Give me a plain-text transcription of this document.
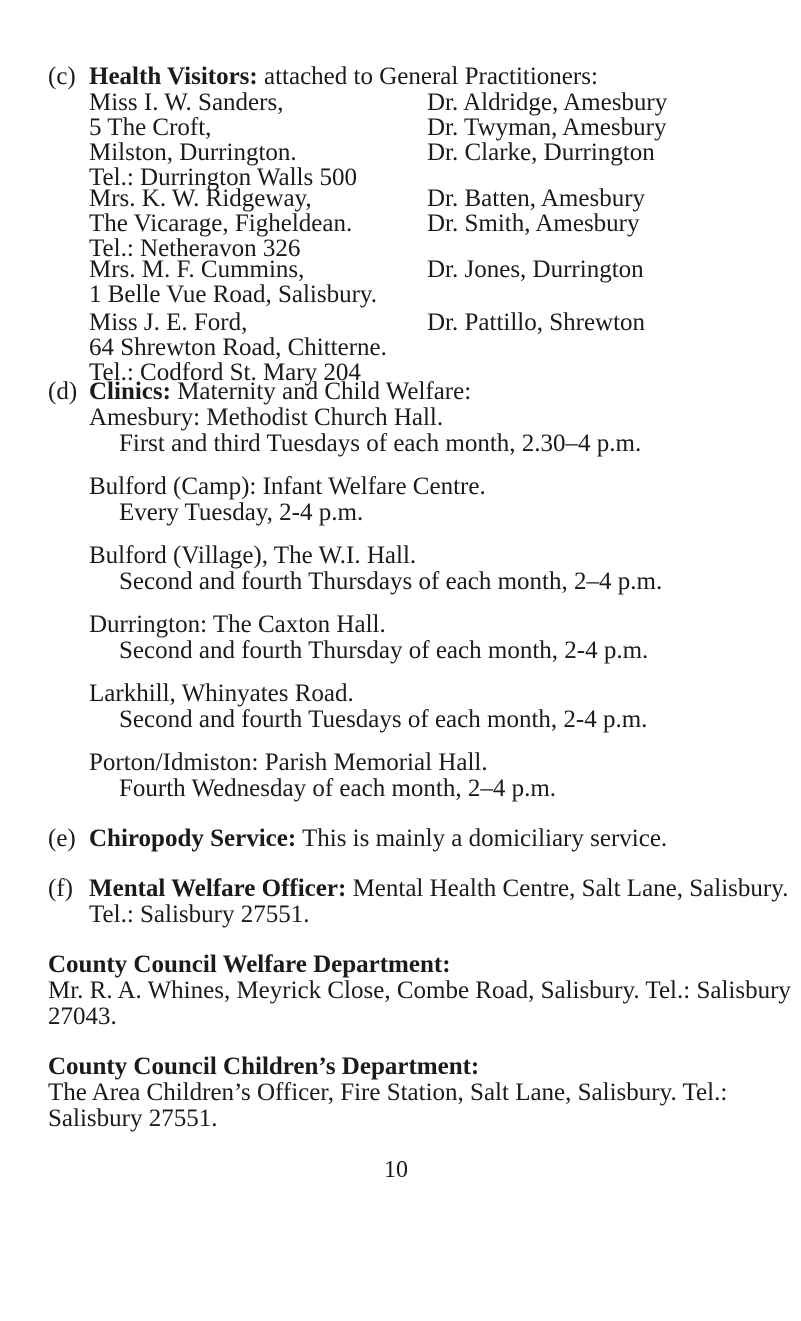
(c) Health Visitors: attached to General Practitioners:
Miss I. W. Sanders,
5 The Croft,
Milston, Durrington.
Tel.: Durrington Walls 500
Dr. Aldridge, Amesbury
Dr. Twyman, Amesbury
Dr. Clarke, Durrington
Mrs. K. W. Ridgeway,
The Vicarage, Figheldean.
Tel.: Netheravon 326
Dr. Batten, Amesbury
Dr. Smith, Amesbury
Mrs. M. F. Cummins,
1 Belle Vue Road, Salisbury.
Dr. Jones, Durrington
Miss J. E. Ford,
64 Shrewton Road, Chitterne.
Tel.: Codford St. Mary 204
Dr. Pattillo, Shrewton
(d) Clinics: Maternity and Child Welfare:
Amesbury: Methodist Church Hall.
First and third Tuesdays of each month, 2.30–4 p.m.
Bulford (Camp): Infant Welfare Centre.
Every Tuesday, 2-4 p.m.
Bulford (Village), The W.I. Hall.
Second and fourth Thursdays of each month, 2–4 p.m.
Durrington: The Caxton Hall.
Second and fourth Thursday of each month, 2-4 p.m.
Larkhill, Whinyates Road.
Second and fourth Tuesdays of each month, 2-4 p.m.
Porton/Idmiston: Parish Memorial Hall.
Fourth Wednesday of each month, 2–4 p.m.
(e) Chiropody Service: This is mainly a domiciliary service.
(f) Mental Welfare Officer: Mental Health Centre, Salt Lane, Salisbury.
Tel.: Salisbury 27551.
County Council Welfare Department:
Mr. R. A. Whines, Meyrick Close, Combe Road, Salisbury. Tel.: Salisbury
27043.
County Council Children’s Department:
The Area Children’s Officer, Fire Station, Salt Lane, Salisbury. Tel.:
Salisbury 27551.
10
